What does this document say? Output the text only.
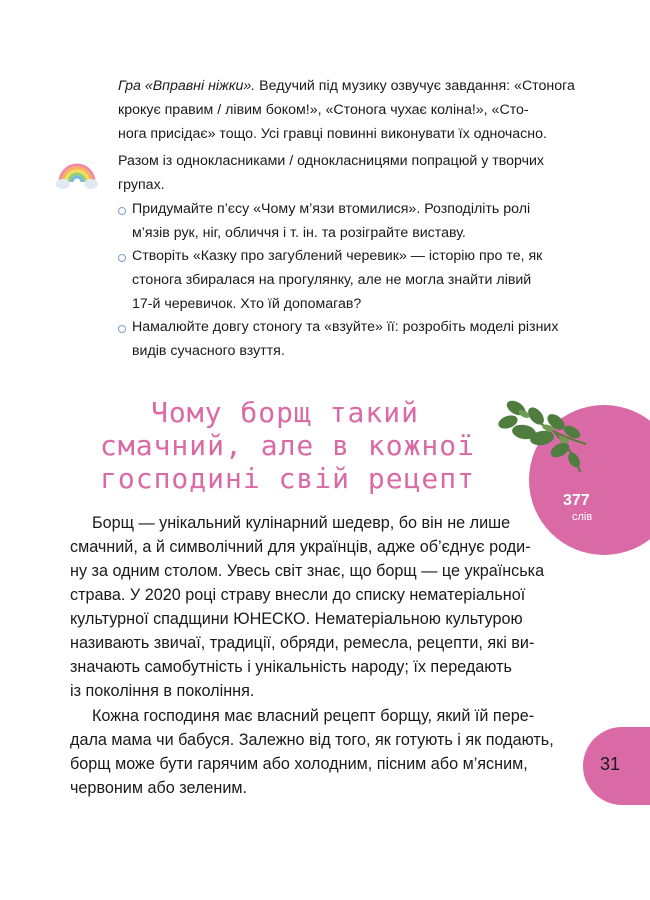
Гра «Вправні ніжки». Ведучий під музику озвучує завдання: «Стонога
крокує правим / лівим боком!», «Стонога чухає коліна!», «Сто-
нога присідає» тощо. Усі гравці повинні виконувати їх одночасно.
Разом із однокласниками / однокласницями попрацюй у творчих
групах.
Придумайте п’єсу «Чому м’язи втомилися». Розподіліть ролі
м’язів рук, ніг, обличчя і т. ін. та розіграйте виставу.
Створіть «Казку про загублений черевик» — історію про те, як
стонога збиралася на прогулянку, але не могла знайти лівий
17-й черевичок. Хто їй допомагав?
Намалюйте довгу стоногу та «взуйте» її: розробіть моделі різних
видів сучасного взуття.
Чому борщ такий
смачний, але в кожної
господині свій рецепт
377
слів
Борщ — унікальний кулінарний шедевр, бо він не лише
смачний, а й символічний для українців, адже об’єднує роди-
ну за одним столом. Увесь світ знає, що борщ — це українська
страва. У 2020 році страву внесли до списку нематеріальної
культурної спадщини ЮНЕСКО. Нематеріальною культурою
називають звичаї, традиції, обряди, ремесла, рецепти, які ви-
значають самобутність і унікальність народу; їх передають
із покоління в покоління.
Кожна господиня має власний рецепт борщу, який їй пере-
дала мама чи бабуся. Залежно від того, як готують і як подають,
борщ може бути гарячим або холодним, пісним або м’ясним,
червоним або зеленим.
31
